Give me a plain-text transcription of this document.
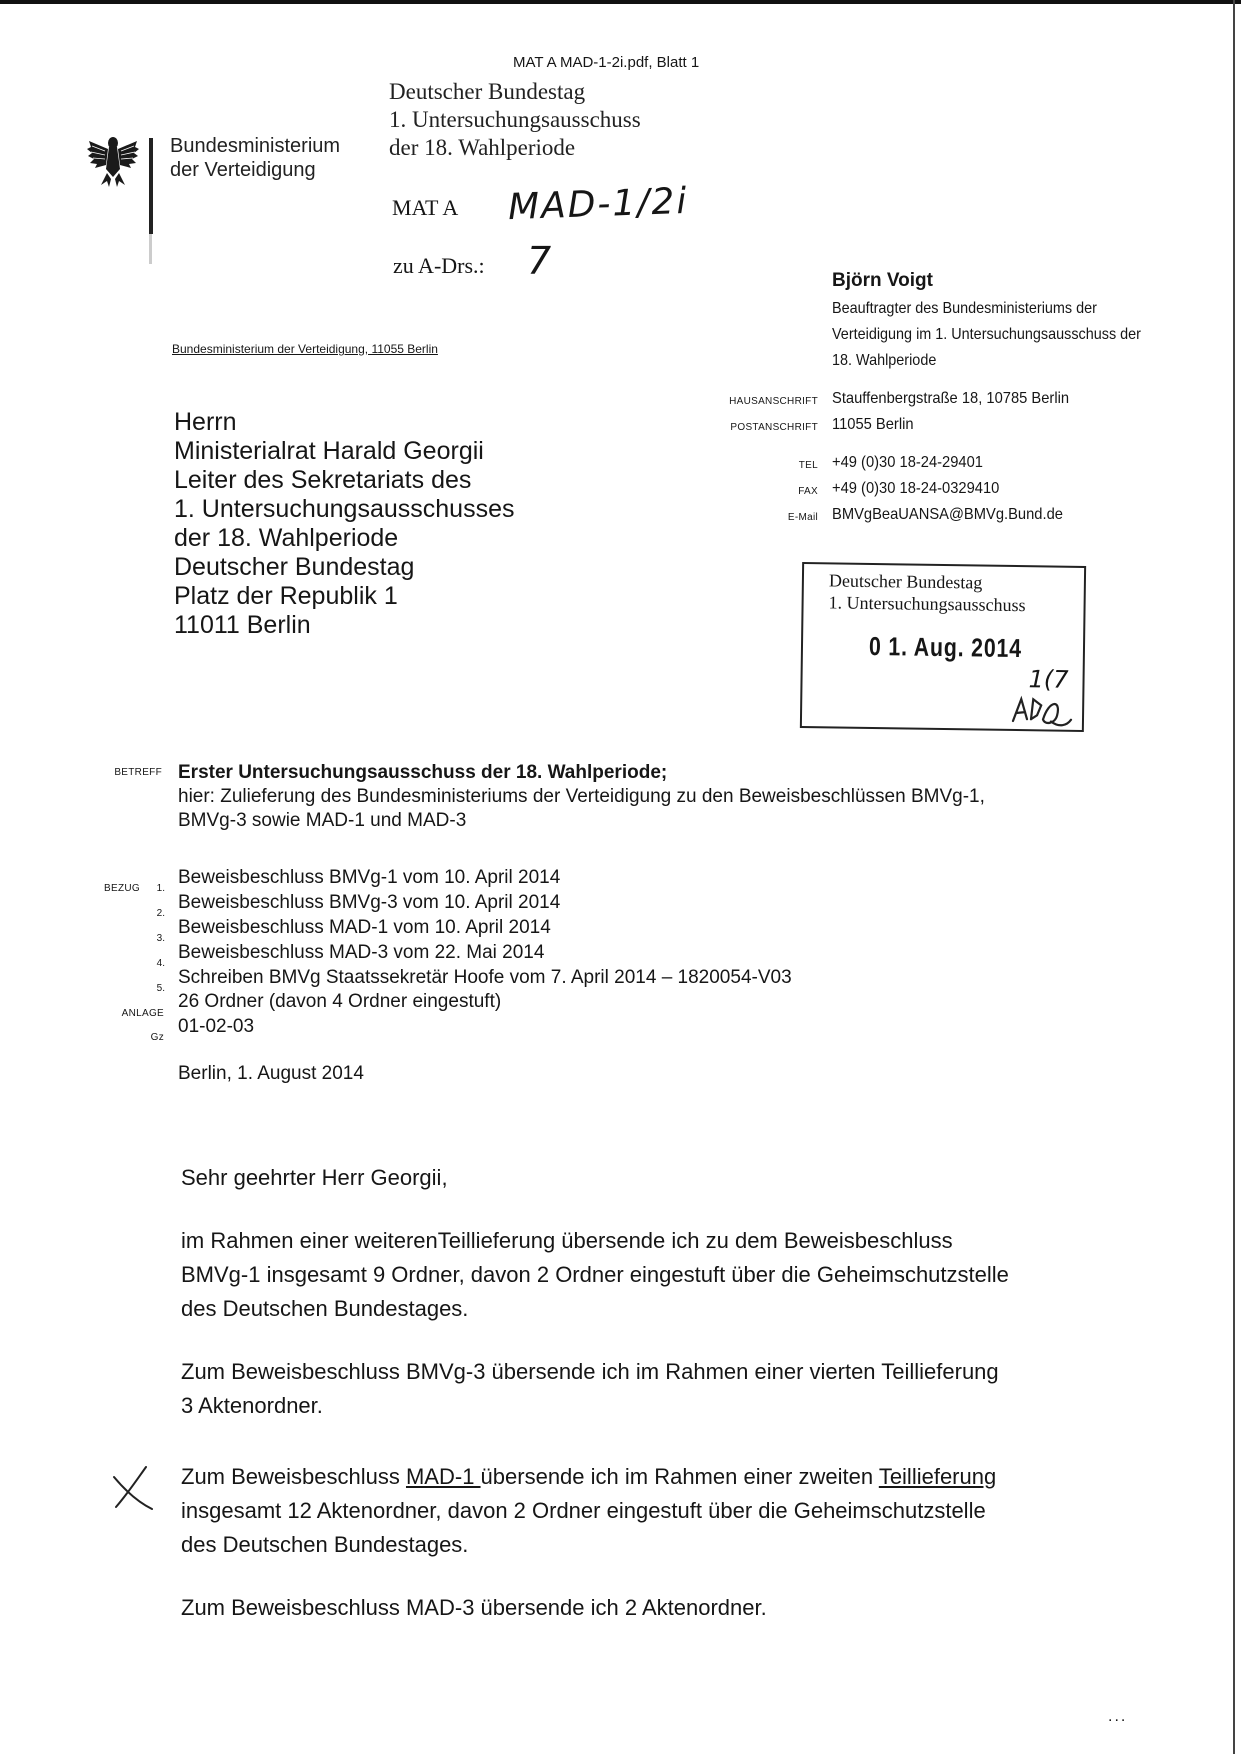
MAT A MAD-1-2i.pdf, Blatt 1
Deutscher Bundestag
1. Untersuchungsausschuss
der 18. Wahlperiode
MAT A MAD-1/2i
zu A-Drs.: 7
Bundesministerium
der Verteidigung
Bundesministerium der Verteidigung, 11055 Berlin
Björn Voigt
Beauftragter des Bundesministeriums der
Verteidigung im 1. Untersuchungsausschuss der
18. Wahlperiode
HAUSANSCHRIFT Stauffenbergstraße 18, 10785 Berlin
POSTANSCHRIFT 11055 Berlin
TEL +49 (0)30 18-24-29401
FAX +49 (0)30 18-24-0329410
E-Mail BMVgBeaUANSA@BMVg.Bund.de
Herrn
Ministerialrat Harald Georgii
Leiter des Sekretariats des
1. Untersuchungsausschusses
der 18. Wahlperiode
Deutscher Bundestag
Platz der Republik 1
11011 Berlin
Deutscher Bundestag
1. Untersuchungsausschuss
0 1. Aug. 2014
1(7
BETREFF Erster Untersuchungsausschuss der 18. Wahlperiode;
hier: Zulieferung des Bundesministeriums der Verteidigung zu den Beweisbeschlüssen BMVg-1,
BMVg-3 sowie MAD-1 und MAD-3
BEZUG	1.
Beweisbeschluss BMVg-1 vom 10. April 2014
2.
Beweisbeschluss BMVg-3 vom 10. April 2014
3.
Beweisbeschluss MAD-1 vom 10. April 2014
4.
Beweisbeschluss MAD-3 vom 22. Mai 2014
5.
Schreiben BMVg Staatssekretär Hoofe vom 7. April 2014 – 1820054-V03
ANLAGE
26 Ordner (davon 4 Ordner eingestuft)
Gz
01-02-03
Berlin, 1. August 2014
Sehr geehrter Herr Georgii,
im Rahmen einer weiterenTeillieferung übersende ich zu dem Beweisbeschluss
BMVg-1 insgesamt 9 Ordner, davon 2 Ordner eingestuft über die Geheimschutzstelle
des Deutschen Bundestages.
Zum Beweisbeschluss BMVg-3 übersende ich im Rahmen einer vierten Teillieferung
3 Aktenordner.
Zum Beweisbeschluss MAD-1 übersende ich im Rahmen einer zweiten Teillieferung
insgesamt 12 Aktenordner, davon 2 Ordner eingestuft über die Geheimschutzstelle
des Deutschen Bundestages.
Zum Beweisbeschluss MAD-3 übersende ich 2 Aktenordner.
...
